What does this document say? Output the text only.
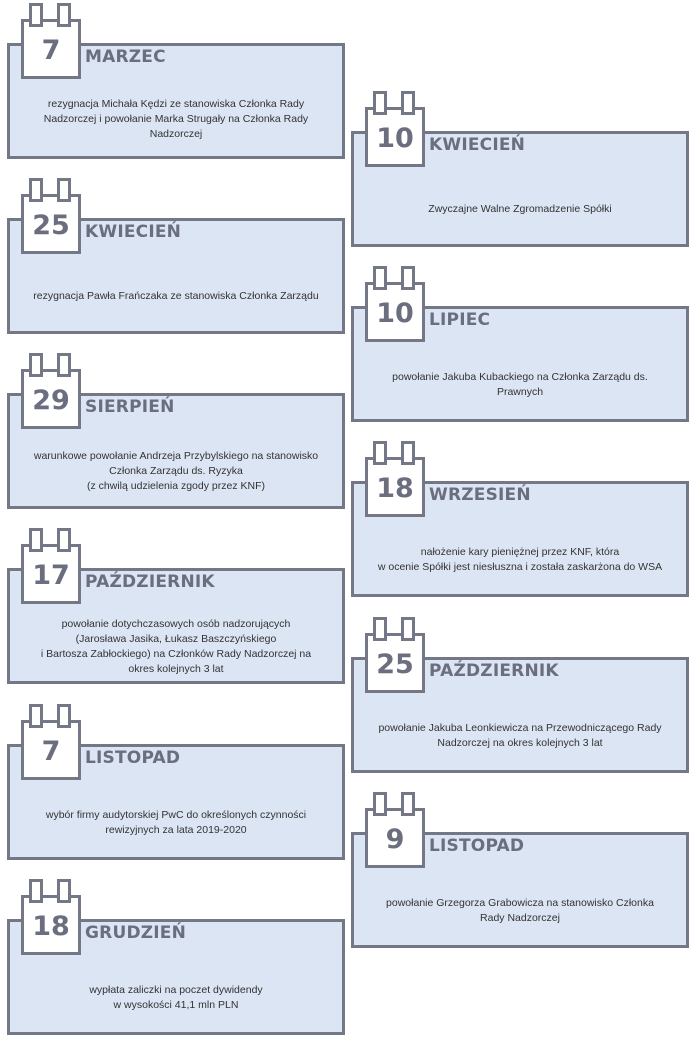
7	MARZEC
rezygnacja Michała Kędzi ze stanowiska Członka Rady
Nadzorczej i powołanie Marka Strugały na Członka Rady
Nadzorczej	10 KWIECIEŃ
Zwyczajne Walne Zgromadzenie Spółki
25 KWIECIEŃ
rezygnacja Pawła Frańczaka ze stanowiska Członka Zarządu
10 LIPIEC
powołanie Jakuba Kubackiego na Członka Zarządu ds.
Prawnych
29 SIERPIEŃ
warunkowe powołanie Andrzeja Przybylskiego na stanowisko
Członka Zarządu ds. Ryzyka
(z chwilą udzielenia zgody przez KNF)	18 WRZESIEŃ
nałożenie kary pieniężnej przez KNF, która
w ocenie Spółki jest niesłuszna i została zaskarżona do WSA
17 PAŹDZIERNIK
powołanie dotychczasowych osób nadzorujących
(Jarosława Jasika, Łukasz Baszczyńskiego
i Bartosza Zabłockiego) na Członków Rady Nadzorczej na
okres kolejnych 3 lat	25 PAŹDZIERNIK
powołanie Jakuba Leonkiewicza na Przewodniczącego Rady
Nadzorczej na okres kolejnych 3 lat
7	LISTOPAD
wybór firmy audytorskiej PwC do określonych czynności
rewizyjnych za lata 2019-2020	9	LISTOPAD
powołanie Grzegorza Grabowicza na stanowisko Członka
Rady Nadzorczej
18 GRUDZIEŃ
wypłata zaliczki na poczet dywidendy
w wysokości 41,1 mln PLN
